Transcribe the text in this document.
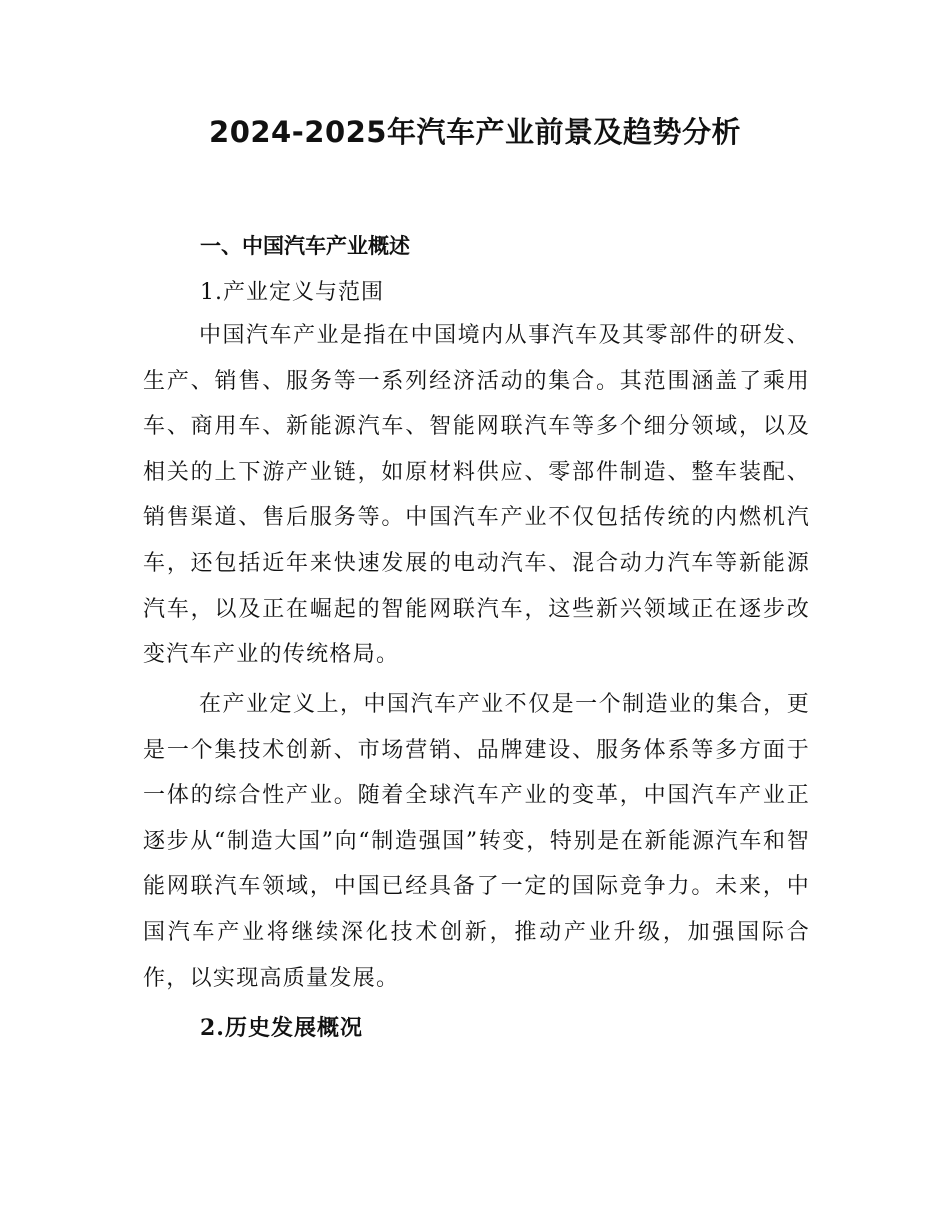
2024-2025年汽车产业前景及趋势分析
一、中国汽车产业概述
1.产业定义与范围
中国汽车产业是指在中国境内从事汽车及其零部件的研发、生产、销售、服务等一系列经济活动的集合。其范围涵盖了乘用车、商用车、新能源汽车、智能网联汽车等多个细分领域，以及相关的上下游产业链，如原材料供应、零部件制造、整车装配、销售渠道、售后服务等。中国汽车产业不仅包括传统的内燃机汽车，还包括近年来快速发展的电动汽车、混合动力汽车等新能源汽车，以及正在崛起的智能网联汽车，这些新兴领域正在逐步改变汽车产业的传统格局。
在产业定义上，中国汽车产业不仅是一个制造业的集合，更是一个集技术创新、市场营销、品牌建设、服务体系等多方面于一体的综合性产业。随着全球汽车产业的变革，中国汽车产业正逐步从“制造大国”向“制造强国”转变，特别是在新能源汽车和智能网联汽车领域，中国已经具备了一定的国际竞争力。未来，中国汽车产业将继续深化技术创新，推动产业升级，加强国际合作，以实现高质量发展。
2.历史发展概况
